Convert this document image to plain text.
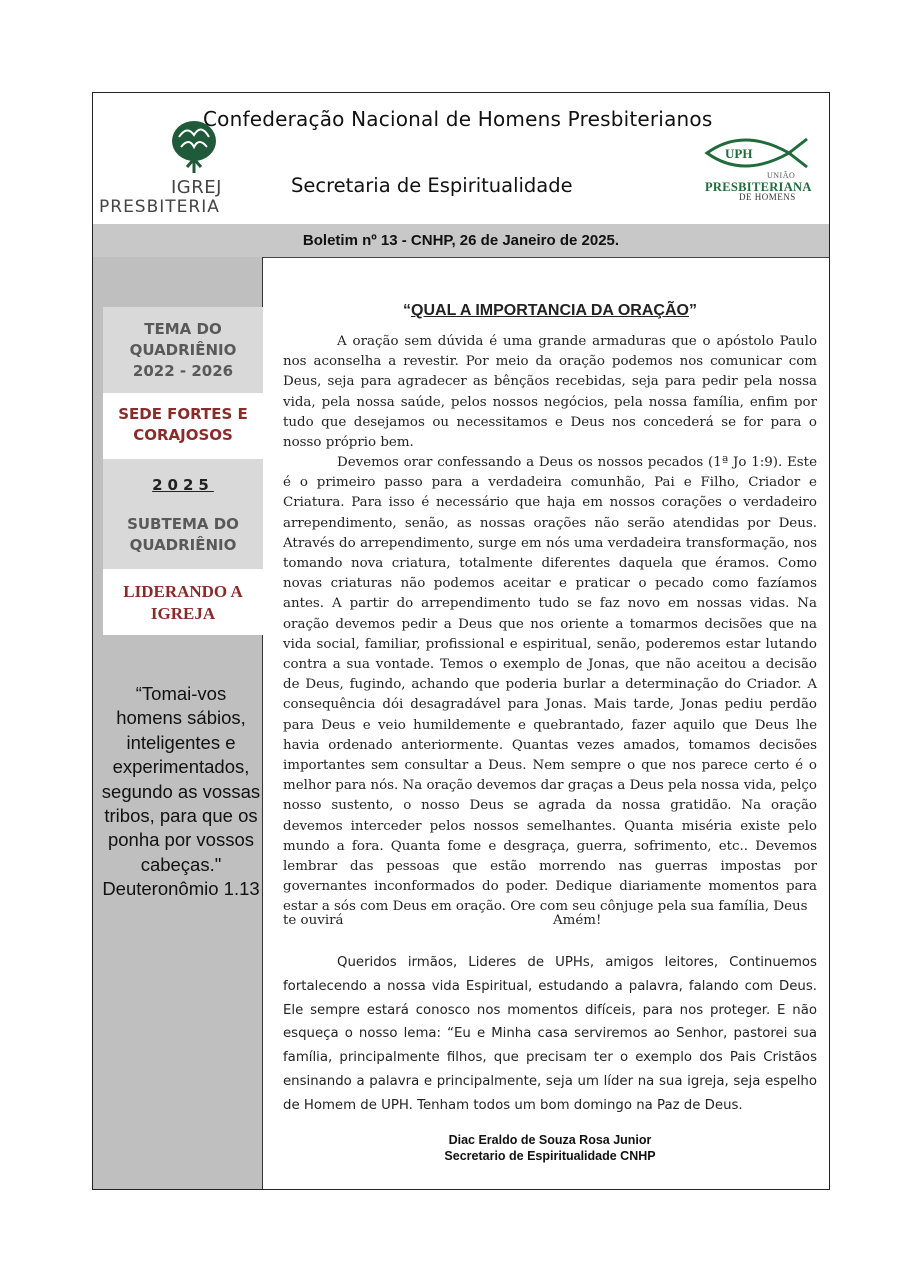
IGREJ
PRESBITERIA
Confederação Nacional de Homens Presbiterianos
Secretaria de Espiritualidade
UPH
UNIÃO
PRESBITERIANA
DE HOMENS
Boletim nº 13 - CNHP, 26 de Janeiro de 2025.
TEMA DO
QUADRIÊNIO
2022 - 2026
SEDE FORTES E
CORAJOSOS
2025
SUBTEMA DO
QUADRIÊNIO
LIDERANDO A
IGREJA
“Tomai-vos homens sábios, inteligentes e experimentados, segundo as vossas tribos, para que os ponha por vossos cabeças." Deuteronômio 1.13
“QUAL A IMPORTANCIA DA ORAÇÃO”
A oração sem dúvida é uma grande armaduras que o apóstolo Paulo nos aconselha a revestir. Por meio da oração podemos nos comunicar com Deus, seja para agradecer as bênçãos recebidas, seja para pedir pela nossa vida, pela nossa saúde, pelos nossos negócios, pela nossa família, enfim por tudo que desejamos ou necessitamos e Deus nos concederá se for para o nosso próprio bem.
Devemos orar confessando a Deus os nossos pecados (1ª Jo 1:9). Este é o primeiro passo para a verdadeira comunhão, Pai e Filho, Criador e Criatura. Para isso é necessário que haja em nossos corações o verdadeiro arrependimento, senão, as nossas orações não serão atendidas por Deus. Através do arrependimento, surge em nós uma verdadeira transformação, nos tomando nova criatura, totalmente diferentes daquela que éramos. Como novas criaturas não podemos aceitar e praticar o pecado como fazíamos antes. A partir do arrependimento tudo se faz novo em nossas vidas. Na oração devemos pedir a Deus que nos oriente a tomarmos decisões que na vida social, familiar, profissional e espiritual, senão, poderemos estar lutando contra a sua vontade. Temos o exemplo de Jonas, que não aceitou a decisão de Deus, fugindo, achando que poderia burlar a determinação do Criador. A consequência dói desagradável para Jonas. Mais tarde, Jonas pediu perdão para Deus e veio humildemente e quebrantado, fazer aquilo que Deus lhe havia ordenado anteriormente. Quantas vezes amados, tomamos decisões importantes sem consultar a Deus. Nem sempre o que nos parece certo é o melhor para nós. Na oração devemos dar graças a Deus pela nossa vida, pelço nosso sustento, o nosso Deus se agrada da nossa gratidão. Na oração devemos interceder pelos nossos semelhantes. Quanta miséria existe pelo mundo a fora. Quanta fome e desgraça, guerra, sofrimento, etc.. Devemos lembrar das pessoas que estão morrendo nas guerras impostas por governantes inconformados do poder. Dedique diariamente momentos para estar a sós com Deus em oração. Ore com seu cônjuge pela sua família, Deus
te ouvirá	Amém!
Queridos irmãos, Lideres de UPHs, amigos leitores, Continuemos fortalecendo a nossa vida Espiritual, estudando a palavra, falando com Deus. Ele sempre estará conosco nos momentos difíceis, para nos proteger. E não esqueça o nosso lema: “Eu e Minha casa serviremos ao Senhor, pastorei sua família, principalmente filhos, que precisam ter o exemplo dos Pais Cristãos ensinando a palavra e principalmente, seja um líder na sua igreja, seja espelho de Homem de UPH. Tenham todos um bom domingo na Paz de Deus.
Diac Eraldo de Souza Rosa Junior
Secretario de Espiritualidade CNHP
